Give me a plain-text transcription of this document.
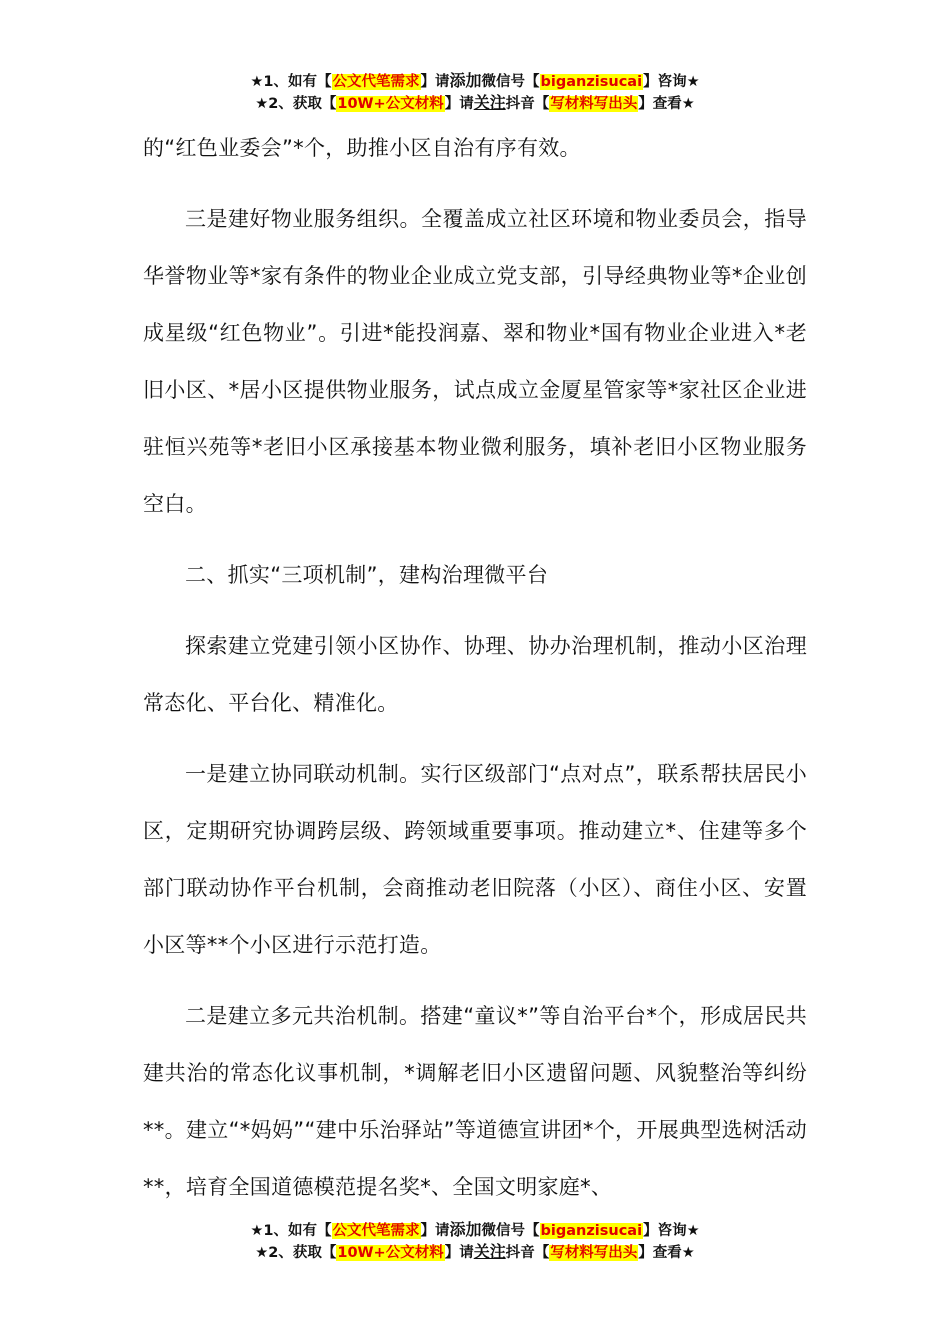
★1、如有【公文代笔需求】请添加微信号【biganzisucai】咨询★
★2、获取【10W+公文材料】请关注抖音【写材料写出头】查看★

的“红色业委会”*个，助推小区自治有序有效。

三是建好物业服务组织。全覆盖成立社区环境和物业委员会，指导华誉物业等*家有条件的物业企业成立党支部，引导经典物业等*企业创成星级“红色物业”。引进*能投润嘉、翠和物业*国有物业企业进入*老旧小区、*居小区提供物业服务，试点成立金厦星管家等*家社区企业进驻恒兴苑等*老旧小区承接基本物业微利服务，填补老旧小区物业服务空白。

二、抓实“三项机制”，建构治理微平台

探索建立党建引领小区协作、协理、协办治理机制，推动小区治理常态化、平台化、精准化。

一是建立协同联动机制。实行区级部门“点对点”，联系帮扶居民小区，定期研究协调跨层级、跨领域重要事项。推动建立*、住建等多个部门联动协作平台机制，会商推动老旧院落（小区）、商住小区、安置小区等**个小区进行示范打造。

二是建立多元共治机制。搭建“童议*”等自治平台*个，形成居民共建共治的常态化议事机制，*调解老旧小区遗留问题、风貌整治等纠纷**。建立“*妈妈”“建中乐治驿站”等道德宣讲团*个，开展典型选树活动**，培育全国道德模范提名奖*、全国文明家庭*、

★1、如有【公文代笔需求】请添加微信号【biganzisucai】咨询★
★2、获取【10W+公文材料】请关注抖音【写材料写出头】查看★
